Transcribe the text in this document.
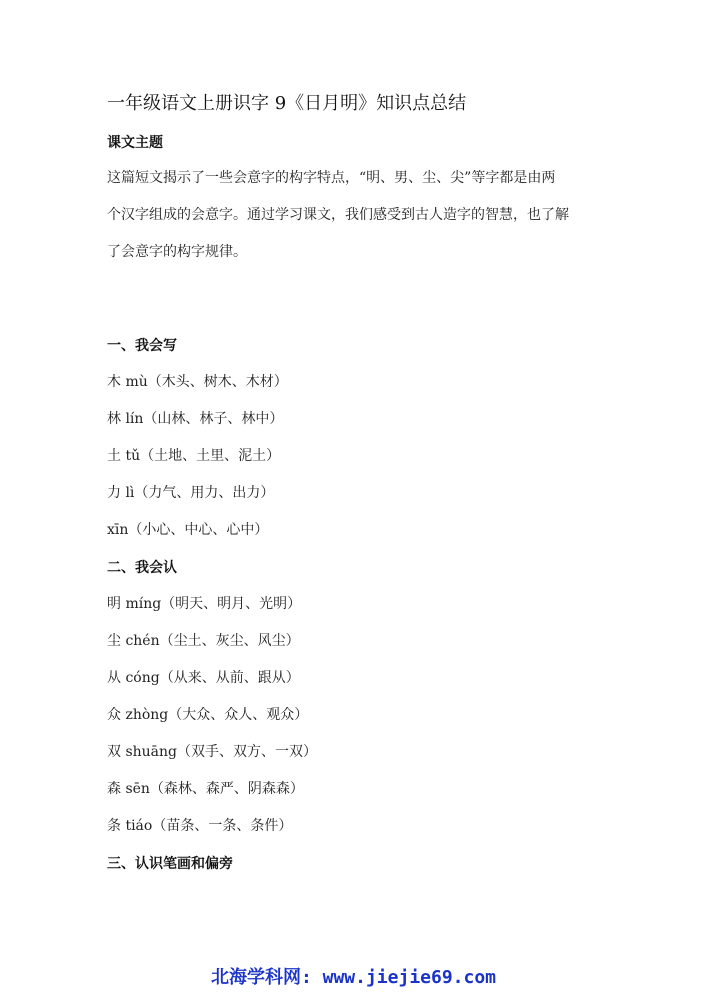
一年级语文上册识字 9《日月明》知识点总结
课文主题
这篇短文揭示了一些会意字的构字特点，“明、男、尘、尖”等字都是由两
个汉字组成的会意字。通过学习课文，我们感受到古人造字的智慧，也了解
了会意字的构字规律。
一、我会写
木 mù（木头、树木、木材）
林 lín（山林、林子、林中）
土 tǔ（土地、土里、泥土）
力 lì（力气、用力、出力）
xīn（小心、中心、心中）
二、我会认
明 míng（明天、明月、光明）
尘 chén（尘土、灰尘、风尘）
从 cóng（从来、从前、跟从）
众 zhòng（大众、众人、观众）
双 shuāng（双手、双方、一双）
森 sēn（森林、森严、阴森森）
条 tiáo（苗条、一条、条件）
三、认识笔画和偏旁
北海学科网: www.jiejie69.com
